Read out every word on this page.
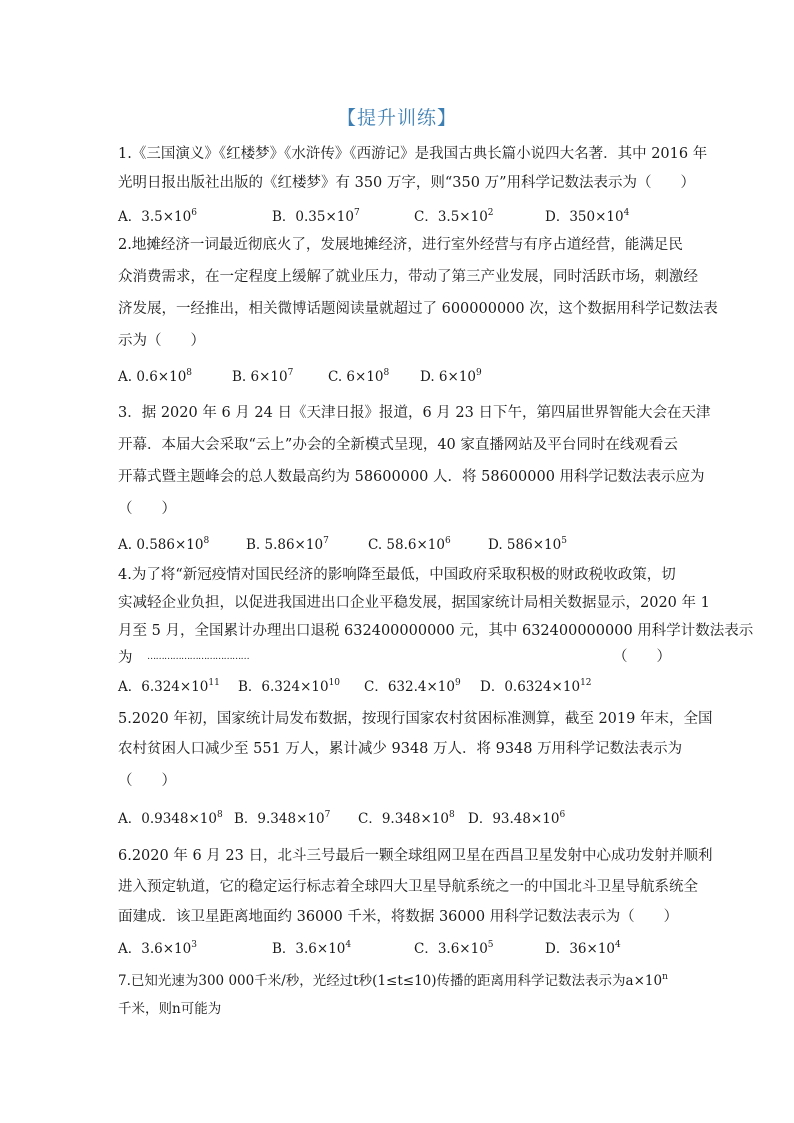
【提升训练】
1.《三国演义》《红楼梦》《水浒传》《西游记》是我国古典长篇小说四大名著．其中 2016 年
光明日报出版社出版的《红楼梦》有 350 万字，则“350 万”用科学记数法表示为（　　）
A．$3.5\times 10^6$	B．$0.35\times 10^7$	C．$3.5\times 10^2$	D．$350\times 10^4$
2.地摊经济一词最近彻底火了，发展地摊经济，进行室外经营与有序占道经营，能满足民
众消费需求，在一定程度上缓解了就业压力，带动了第三产业发展，同时活跃市场，刺激经
济发展，一经推出，相关微博话题阅读量就超过了 600000000 次，这个数据用科学记数法表
示为（　　）
A. $0.6\times 10^8$	B. $6\times 10^7$	C. $6\times 10^8$ D. $6\times 10^9$
3．据 2020 年 6 月 24 日《天津日报》报道，6 月 23 日下午，第四届世界智能大会在天津
开幕．本届大会采取“云上”办会的全新模式呈现，40 家直播网站及平台同时在线观看云
开幕式暨主题峰会的总人数最高约为 58600000 人．将 58600000 用科学记数法表示应为
（　　）
A. $0.586\times 10^8$	B. $5.86\times 10^7$	C. $58.6\times 10^6$	D. $586\times 10^5$
4.为了将“新冠疫情对国民经济的影响降至最低，中国政府采取积极的财政税收政策，切
实减轻企业负担，以促进我国进出口企业平稳发展，据国家统计局相关数据显示，2020 年 1
月至 5 月，全国累计办理出口退税 632400000000 元，其中 632400000000 用科学计数法表示
为 ………………………………	（　　）
A．$6.324\times 10^{11}$ B．$6.324\times 10^{10}$ C．$632.4\times 10^9$ D．$0.6324\times 10^{12}$
5.2020 年初，国家统计局发布数据，按现行国家农村贫困标准测算，截至 2019 年末，全国
农村贫困人口减少至 551 万人，累计减少 9348 万人．将 9348 万用科学记数法表示为
（　　）
A．$0.9348\times 10^8$ B．$9.348\times 10^7$ C．$9.348\times 10^8$ D．$93.48\times 10^6$
6.2020 年 6 月 23 日，北斗三号最后一颗全球组网卫星在西昌卫星发射中心成功发射并顺利
进入预定轨道，它的稳定运行标志着全球四大卫星导航系统之一的中国北斗卫星导航系统全
面建成．该卫星距离地面约 36000 千米，将数据 36000 用科学记数法表示为（　　）
A．$3.6\times 10^3$	B．$3.6\times 10^4$	C．$3.6\times 10^5$	D．$36\times 10^4$
7.已知光速为300 000千米/秒，光经过t秒(1≤t≤10)传播的距离用科学记数法表示为$a\times 10^n$
千米，则n可能为
